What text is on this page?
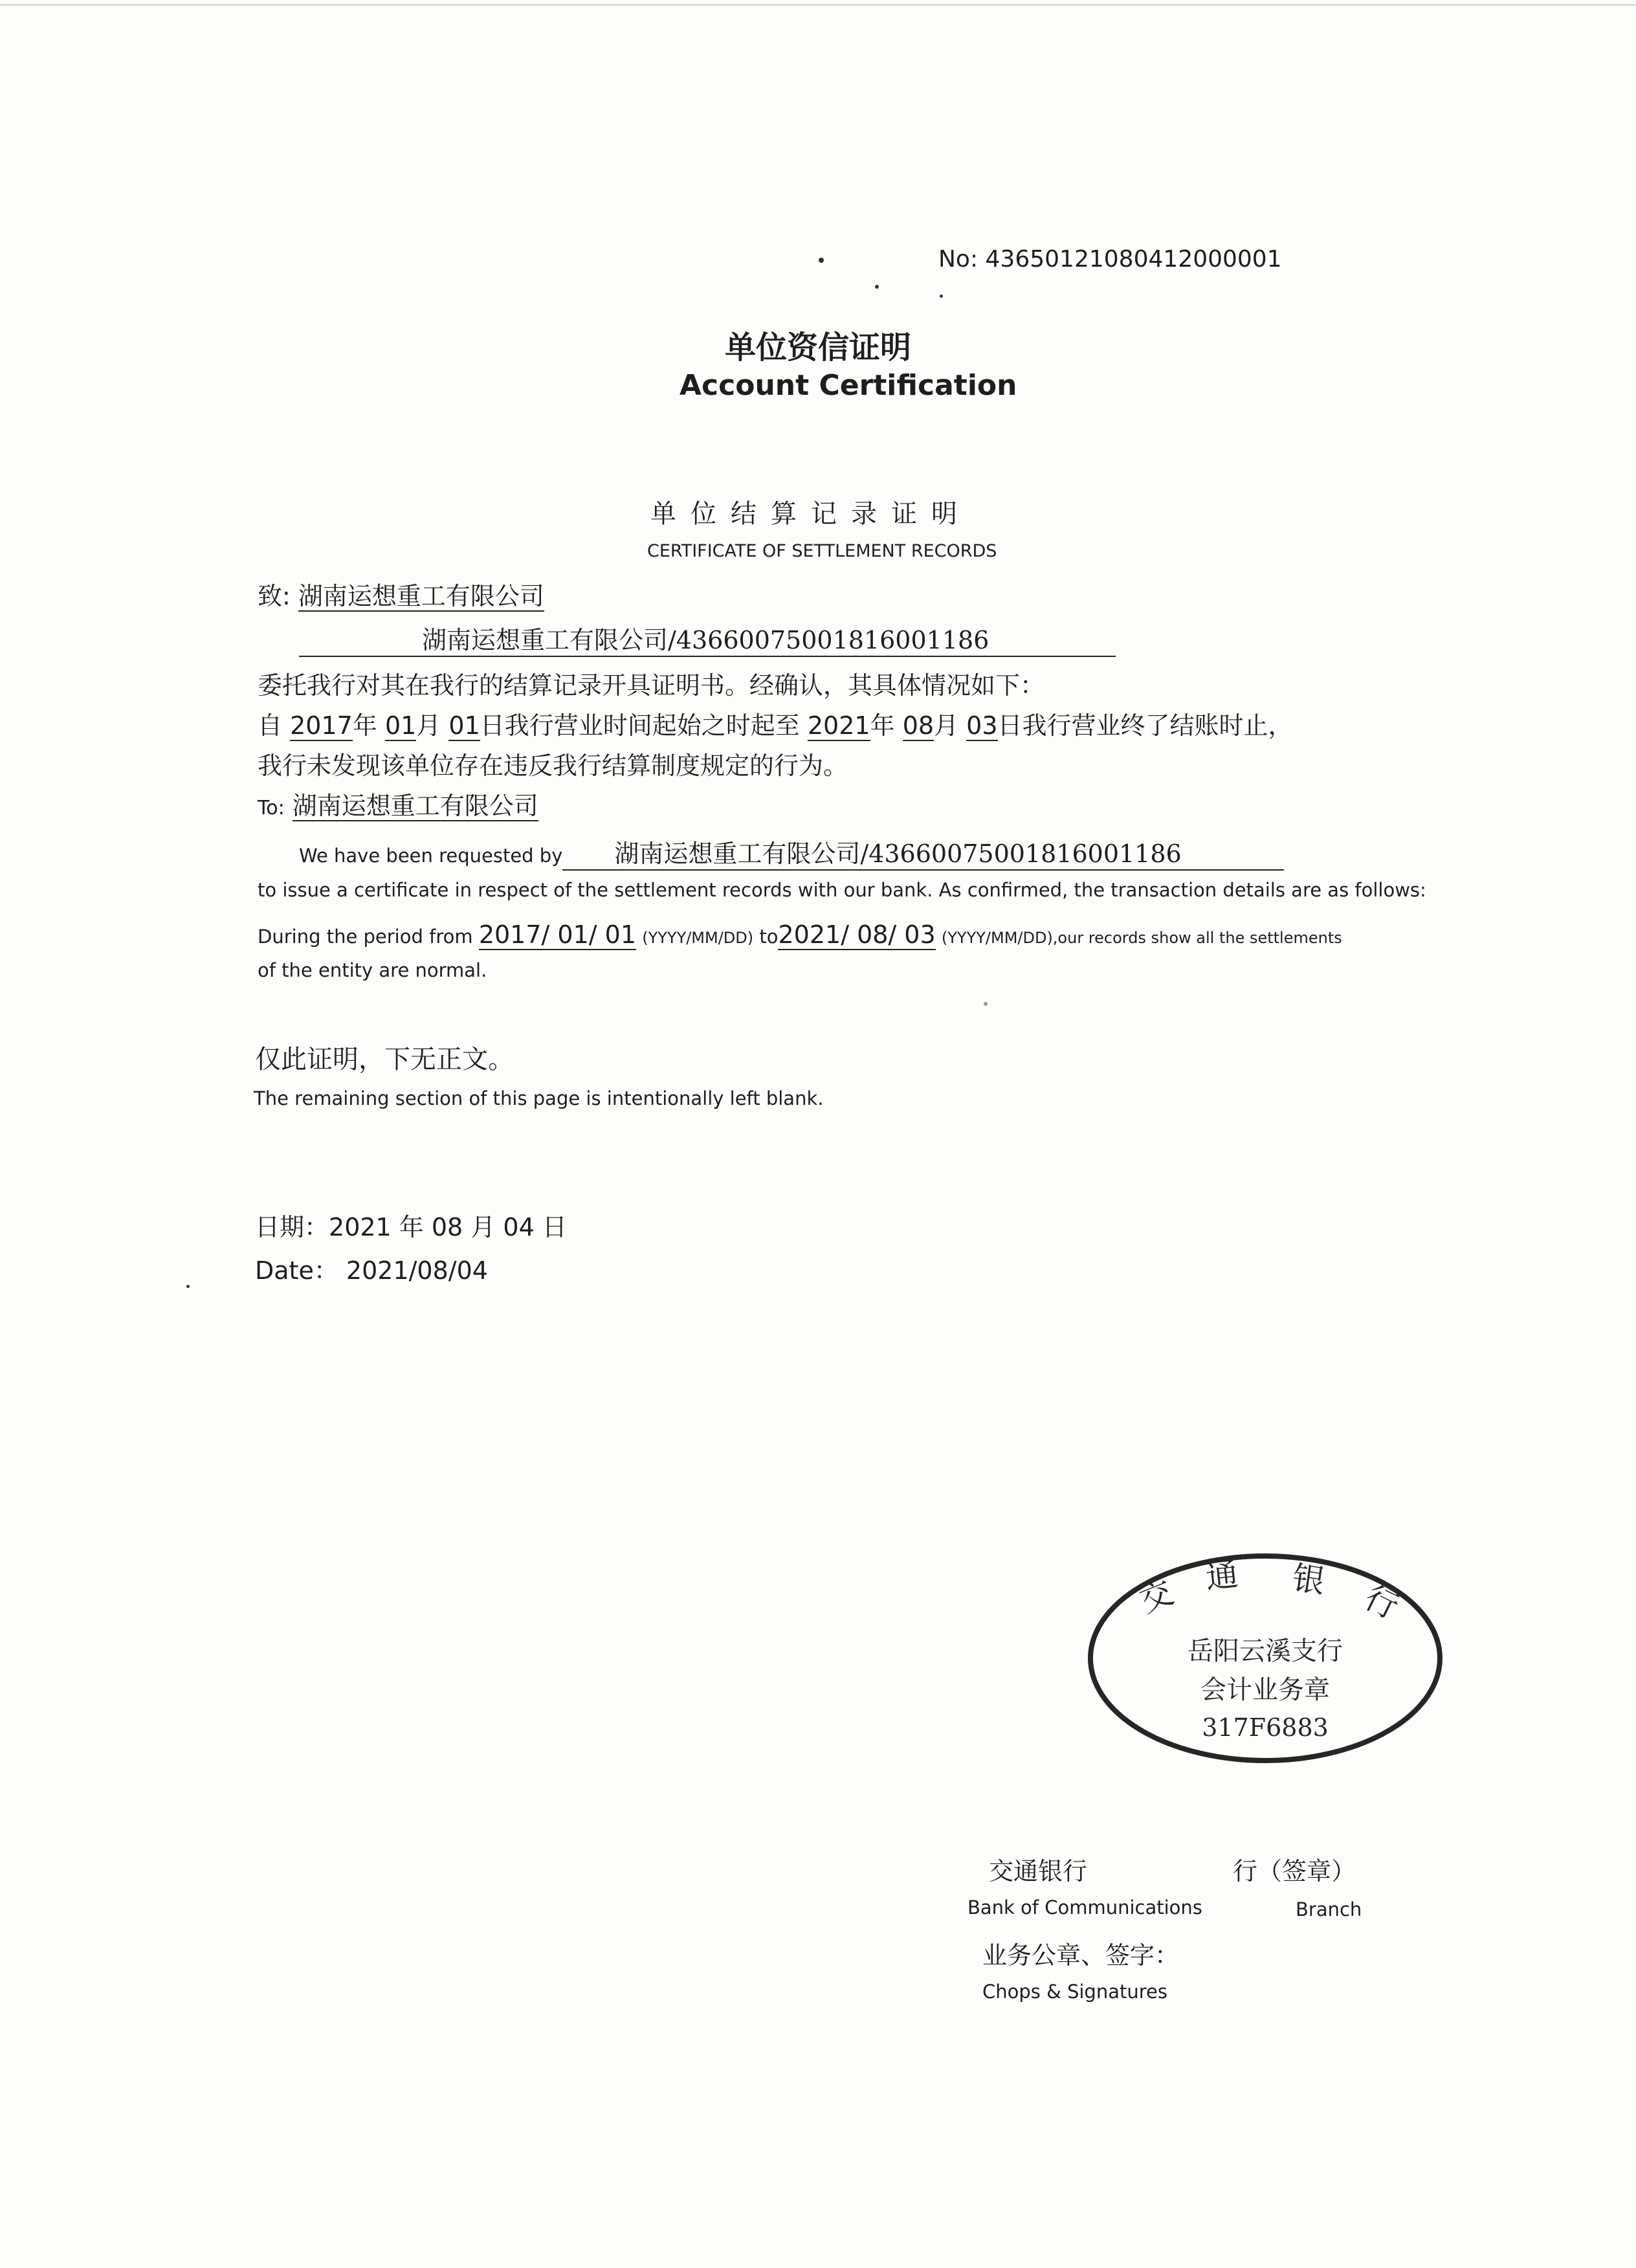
No: 43650121080412000001
单位资信证明
Account Certification
单位结算记录证明
CERTIFICATE OF SETTLEMENT RECORDS
致: 湖南运想重工有限公司
湖南运想重工有限公司/43660075001816001186
委托我行对其在我行的结算记录开具证明书。经确认，其具体情况如下：
自 2017年 01月 01日我行营业时间起始之时起至 2021年 08月 03日我行营业终了结账时止，
我行未发现该单位存在违反我行结算制度规定的行为。
To: 湖南运想重工有限公司
We have been requested by 湖南运想重工有限公司/43660075001816001186
to issue a certificate in respect of the settlement records with our bank. As confirmed, the transaction details are as follows:
During the period from 2017/ 01/ 01 (YYYY/MM/DD) to2021/ 08/ 03 (YYYY/MM/DD),our records show all the settlements
of the entity are normal.
仅此证明，下无正文。
The remaining section of this page is intentionally left blank.
日期：2021 年 08 月 04 日
Date： 2021/08/04
交 通 银 行
岳阳云溪支行
会计业务章
317F6883
交通银行	行（签章）
Bank of Communications	Branch
业务公章、签字：
Chops & Signatures
